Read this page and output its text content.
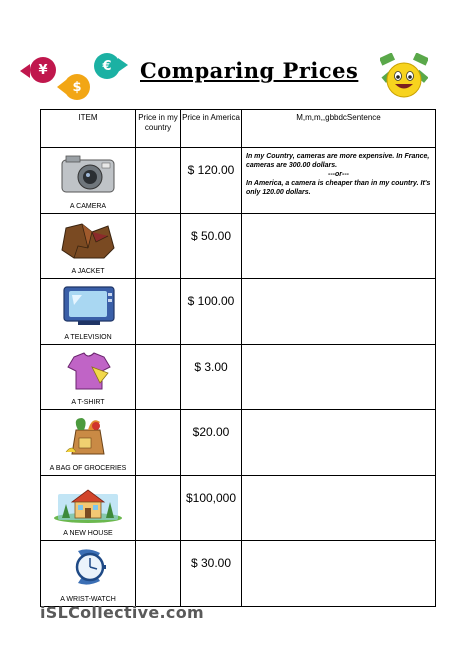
¥	€
$
Comparing Prices
ITEM	Price in my country	Price in America	M,m,m,,gbbdcSentence

A CAMERA		$ 120.00	In my Country, cameras are more expensive. In France, cameras are 300.00 dollars.
---or---
In America, a camera is cheaper than in my country. It's only 120.00 dollars.

A JACKET		$ 50.00	

A TELEVISION		$ 100.00	

A T-SHIRT		$ 3.00	

A BAG OF GROCERIES		$20.00	

A NEW HOUSE		$100,000	

A WRIST-WATCH		$ 30.00	
iSLCollective.com
